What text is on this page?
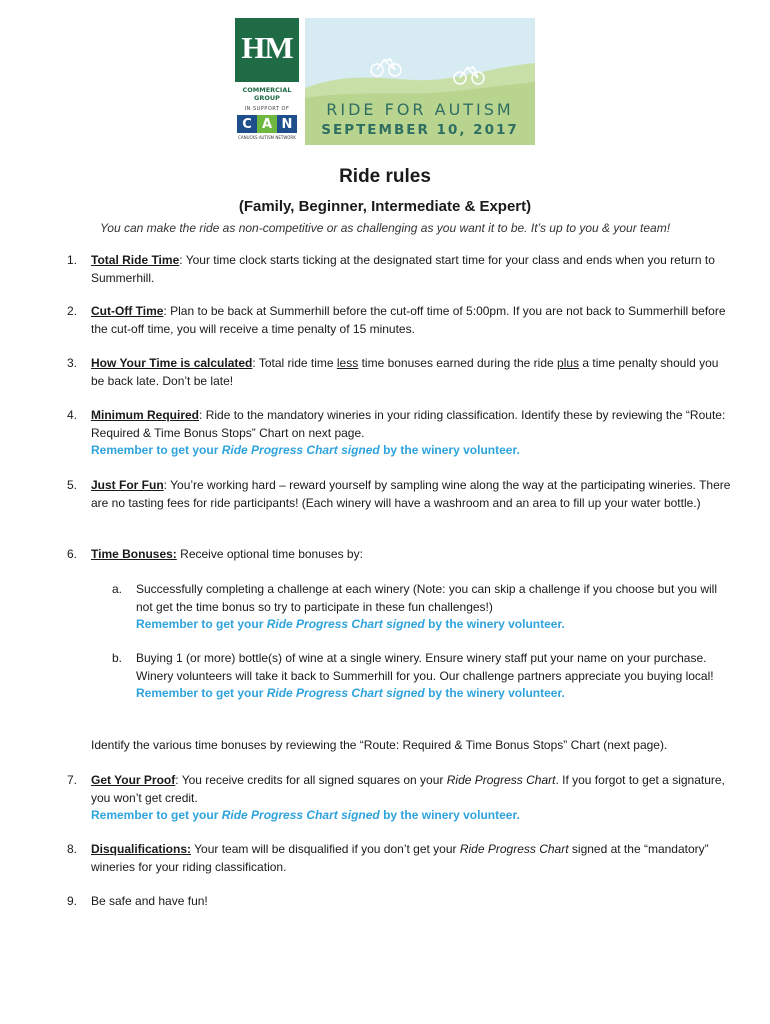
HM
COMMERCIAL GROUP
IN SUPPORT OF
C A N
CANUCKS AUTISM NETWORK
RIDE FOR AUTISM
SEPTEMBER 10, 2017
Ride rules
(Family, Beginner, Intermediate & Expert)
You can make the ride as non-competitive or as challenging as you want it to be. It’s up to you & your team!
1. Total Ride Time: Your time clock starts ticking at the designated start time for your class and ends when you return to Summerhill.
2. Cut-Off Time: Plan to be back at Summerhill before the cut-off time of 5:00pm. If you are not back to Summerhill before the cut-off time, you will receive a time penalty of 15 minutes.
3. How Your Time is calculated: Total ride time less time bonuses earned during the ride plus a time penalty should you be back late. Don’t be late!
4. Minimum Required: Ride to the mandatory wineries in your riding classification. Identify these by reviewing the “Route: Required & Time Bonus Stops” Chart on next page.
Remember to get your Ride Progress Chart signed by the winery volunteer.
5. Just For Fun: You’re working hard – reward yourself by sampling wine along the way at the participating wineries. There are no tasting fees for ride participants! (Each winery will have a washroom and an area to fill up your water bottle.)
6. Time Bonuses: Receive optional time bonuses by:
a. Successfully completing a challenge at each winery (Note: you can skip a challenge if you choose but you will not get the time bonus so try to participate in these fun challenges!)
Remember to get your Ride Progress Chart signed by the winery volunteer.
b. Buying 1 (or more) bottle(s) of wine at a single winery. Ensure winery staff put your name on your purchase. Winery volunteers will take it back to Summerhill for you. Our challenge partners appreciate you buying local!
Remember to get your Ride Progress Chart signed by the winery volunteer.
Identify the various time bonuses by reviewing the “Route: Required & Time Bonus Stops” Chart (next page).
7. Get Your Proof: You receive credits for all signed squares on your Ride Progress Chart. If you forgot to get a signature, you won’t get credit.
Remember to get your Ride Progress Chart signed by the winery volunteer.
8. Disqualifications: Your team will be disqualified if you don’t get your Ride Progress Chart signed at the “mandatory” wineries for your riding classification.
9. Be safe and have fun!
